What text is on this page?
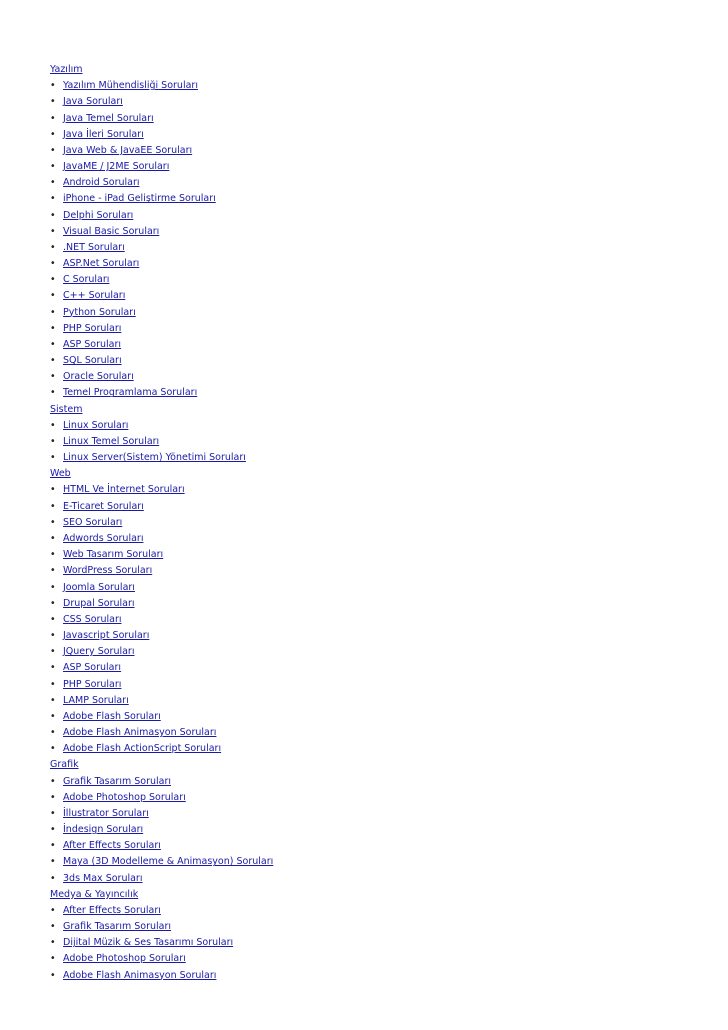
Yazılım
• Yazılım Mühendisliği Soruları
• Java Soruları
• Java Temel Soruları
• Java İleri Soruları
• Java Web & JavaEE Soruları
• JavaME / J2ME Soruları
• Android Soruları
• iPhone - iPad Geliştirme Soruları
• Delphi Soruları
• Visual Basic Soruları
• .NET Soruları
• ASP.Net Soruları
• C Soruları
• C++ Soruları
• Python Soruları
• PHP Soruları
• ASP Soruları
• SQL Soruları
• Oracle Soruları
• Temel Programlama Soruları
Sistem
• Linux Soruları
• Linux Temel Soruları
• Linux Server(Sistem) Yönetimi Soruları
Web
• HTML Ve İnternet Soruları
• E-Ticaret Soruları
• SEO Soruları
• Adwords Soruları
• Web Tasarım Soruları
• WordPress Soruları
• Joomla Soruları
• Drupal Soruları
• CSS Soruları
• Javascript Soruları
• JQuery Soruları
• ASP Soruları
• PHP Soruları
• LAMP Soruları
• Adobe Flash Soruları
• Adobe Flash Animasyon Soruları
• Adobe Flash ActionScript Soruları
Grafik
• Grafik Tasarım Soruları
• Adobe Photoshop Soruları
• İllustrator Soruları
• İndesign Soruları
• After Effects Soruları
• Maya (3D Modelleme & Animasyon) Soruları
• 3ds Max Soruları
Medya & Yayıncılık
• After Effects Soruları
• Grafik Tasarım Soruları
• Dijital Müzik & Ses Tasarımı Soruları
• Adobe Photoshop Soruları
• Adobe Flash Animasyon Soruları
